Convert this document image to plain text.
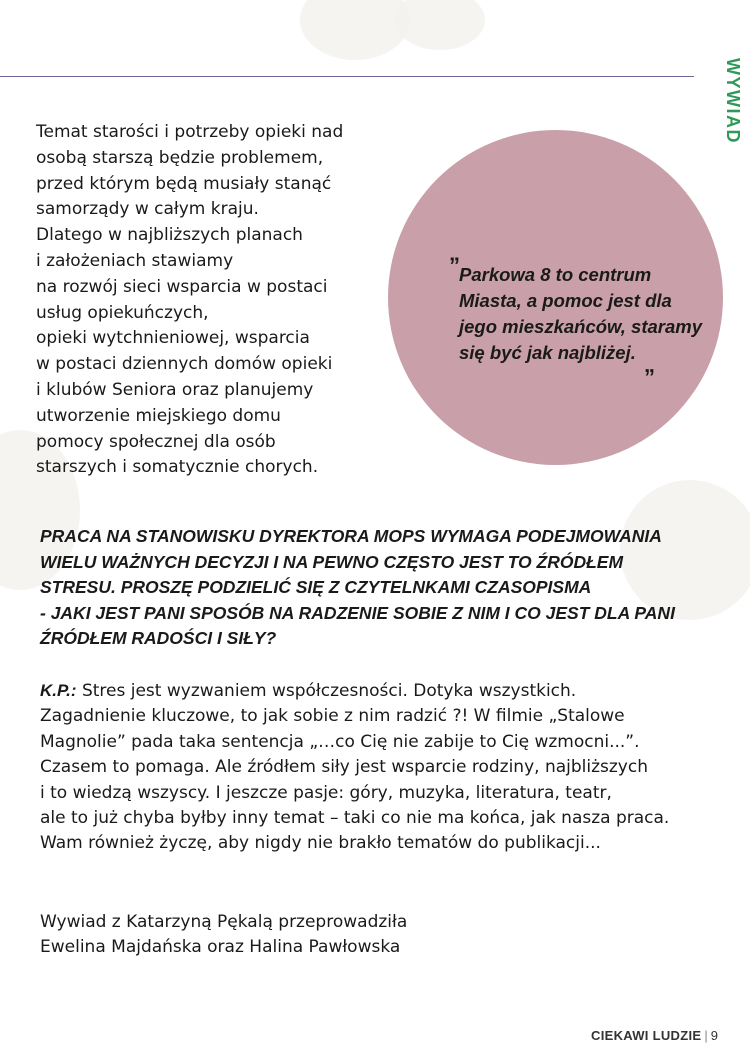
WYWIAD

Temat starości i potrzeby opieki nad

osobą starszą będzie problemem,

przed którym będą musiały stanąć

samorządy w całym kraju.

Dlatego w najbliższych planach

i założeniach stawiamy

na rozwój sieci wsparcia w postaci

usług opiekuńczych,

opieki wytchnieniowej, wsparcia

w postaci dziennych domów opieki

i klubów Seniora oraz planujemy

utworzenie miejskiego domu

pomocy społecznej dla osób

starszych i somatycznie chorych.

” Parkowa 8 to centrum
Miasta, a pomoc jest dla
jego mieszkańców, staramy
się być jak najbliżej. „

PRACA NA STANOWISKU DYREKTORA MOPS WYMAGA PODEJMOWANIA

WIELU WAŻNYCH DECYZJI I NA PEWNO CZĘSTO JEST TO ŹRÓDŁEM

STRESU. PROSZĘ PODZIELIĆ SIĘ Z CZYTELNKAMI CZASOPISMA

- JAKI JEST PANI SPOSÓB NA RADZENIE SOBIE Z NIM I CO JEST DLA PANI

ŹRÓDŁEM RADOŚCI I SIŁY?

K.P.: Stres jest wyzwaniem współczesności. Dotyka wszystkich.

Zagadnienie kluczowe, to jak sobie z nim radzić ?! W filmie „Stalowe

Magnolie” pada taka sentencja „…co Cię nie zabije to Cię wzmocni...”.

Czasem to pomaga. Ale źródłem siły jest wsparcie rodziny, najbliższych

i to wiedzą wszyscy. I jeszcze pasje: góry, muzyka, literatura, teatr,

ale to już chyba byłby inny temat – taki co nie ma końca, jak nasza praca.

Wam również życzę, aby nigdy nie brakło tematów do publikacji...

Wywiad z Katarzyną Pękalą przeprowadziła

Ewelina Majdańska oraz Halina Pawłowska

CIEKAWI LUDZIE | 9
